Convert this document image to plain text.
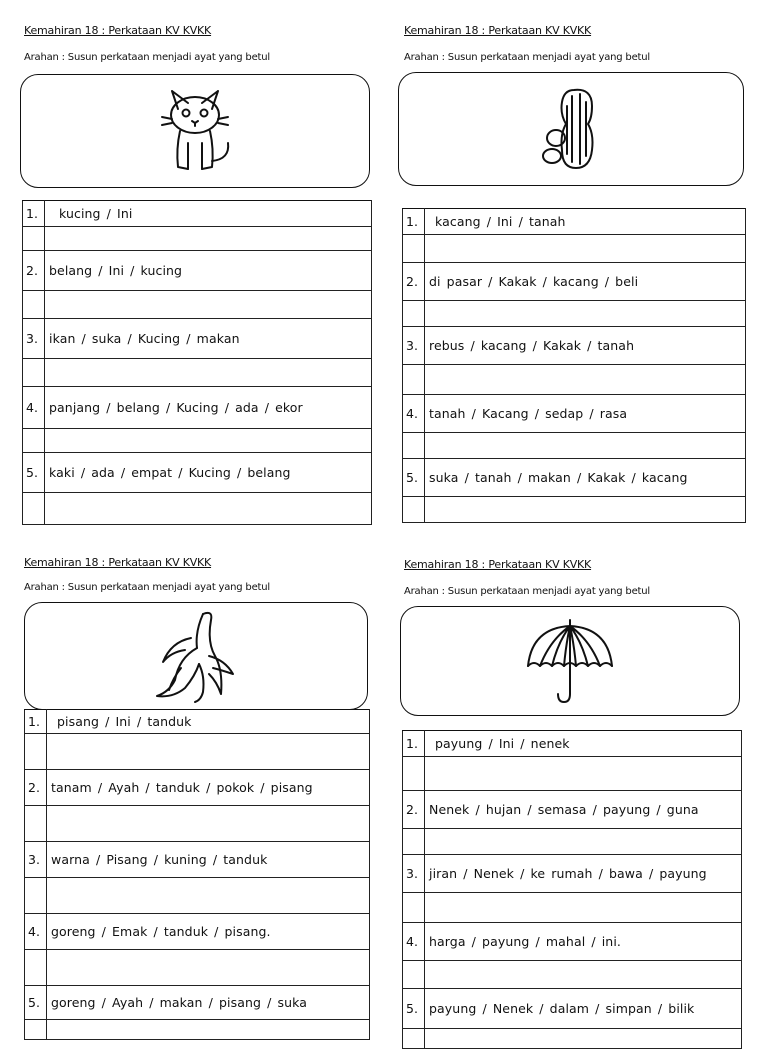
Kemahiran 18 : Perkataan KV KVKK
Arahan : Susun perkataan menjadi ayat yang betul
1.	kucing / Ini

2.	belang / Ini / kucing

3.	ikan / suka / Kucing / makan

4.	panjang / belang / Kucing / ada / ekor

5.	kaki / ada / empat / Kucing / belang

Kemahiran 18 : Perkataan KV KVKK
Arahan : Susun perkataan menjadi ayat yang betul
1.	kacang / Ini / tanah

2.	di pasar / Kakak / kacang / beli

3.	rebus / kacang / Kakak / tanah

4.	tanah / Kacang / sedap / rasa

5.	suka / tanah / makan / Kakak / kacang

Kemahiran 18 : Perkataan KV KVKK
Arahan : Susun perkataan menjadi ayat yang betul
1.	pisang / Ini / tanduk

2.	tanam / Ayah / tanduk / pokok / pisang

3.	warna / Pisang / kuning / tanduk

4.	goreng / Emak / tanduk / pisang.

5.	goreng / Ayah / makan / pisang / suka

Kemahiran 18 : Perkataan KV KVKK
Arahan : Susun perkataan menjadi ayat yang betul
1.	payung / Ini / nenek

2.	Nenek / hujan / semasa / payung / guna

3.	jiran / Nenek / ke rumah / bawa / payung

4.	harga / payung / mahal / ini.

5.	payung / Nenek / dalam / simpan / bilik
